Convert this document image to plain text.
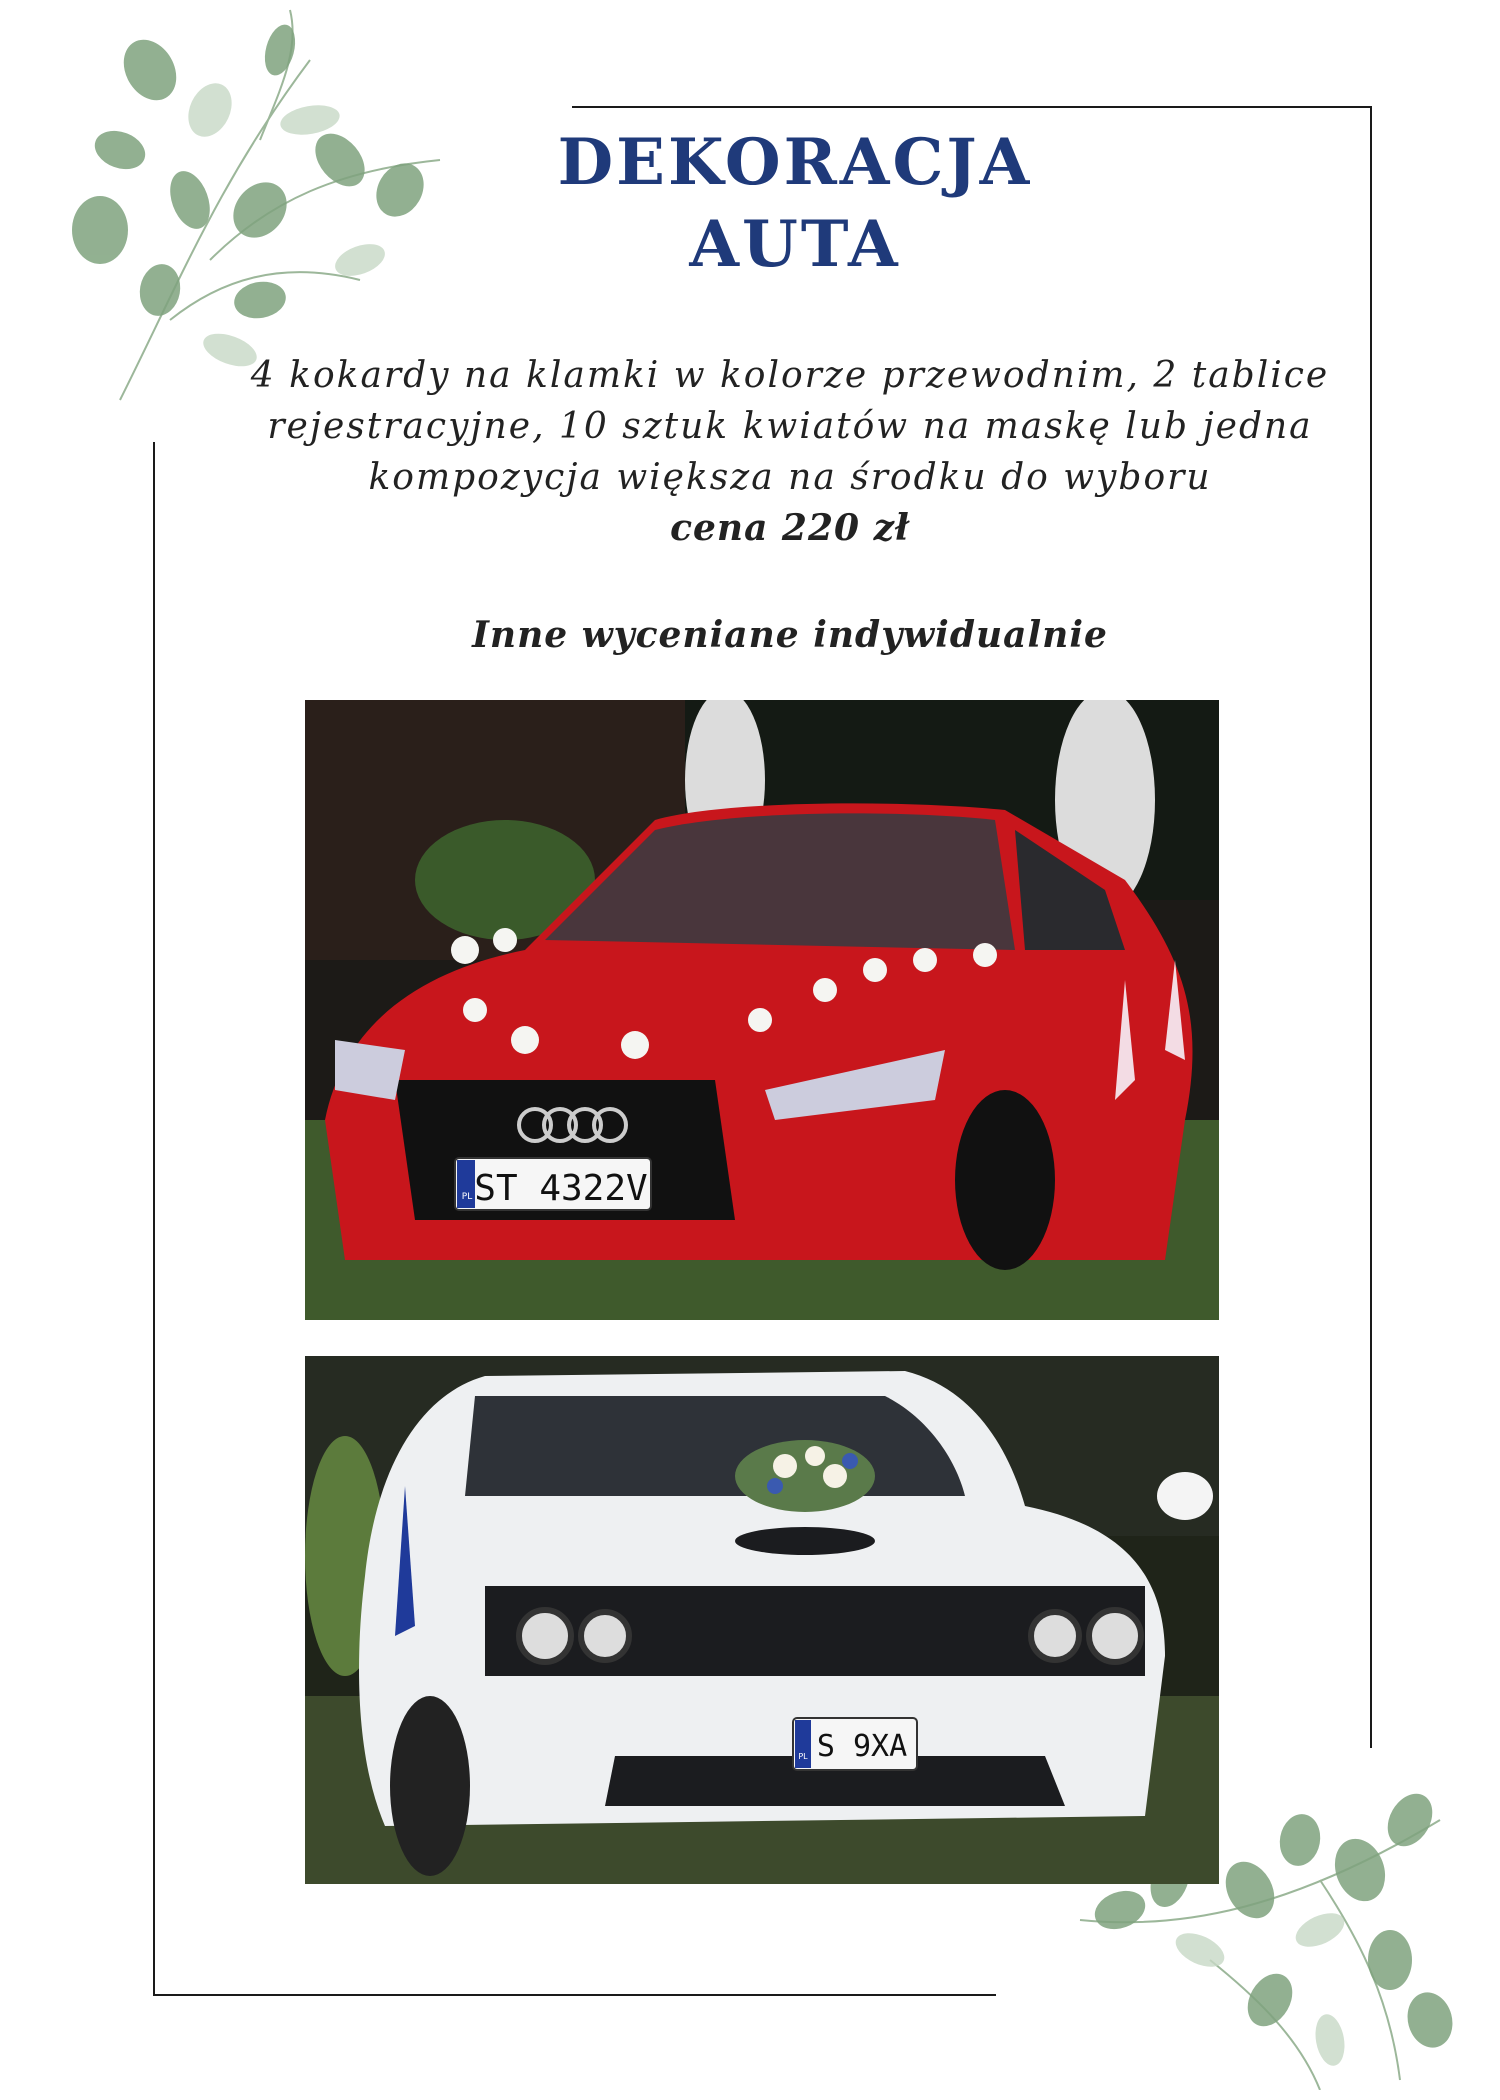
DEKORACJA
AUTA
4 kokardy na klamki w kolorze przewodnim, 2 tablice
rejestracyjne, 10 sztuk kwiatów na maskę lub jedna
kompozycja większa na środku do wyboru
cena 220 zł
Inne wyceniane indywidualnie
PL ST 4322V
PL S 9XA
